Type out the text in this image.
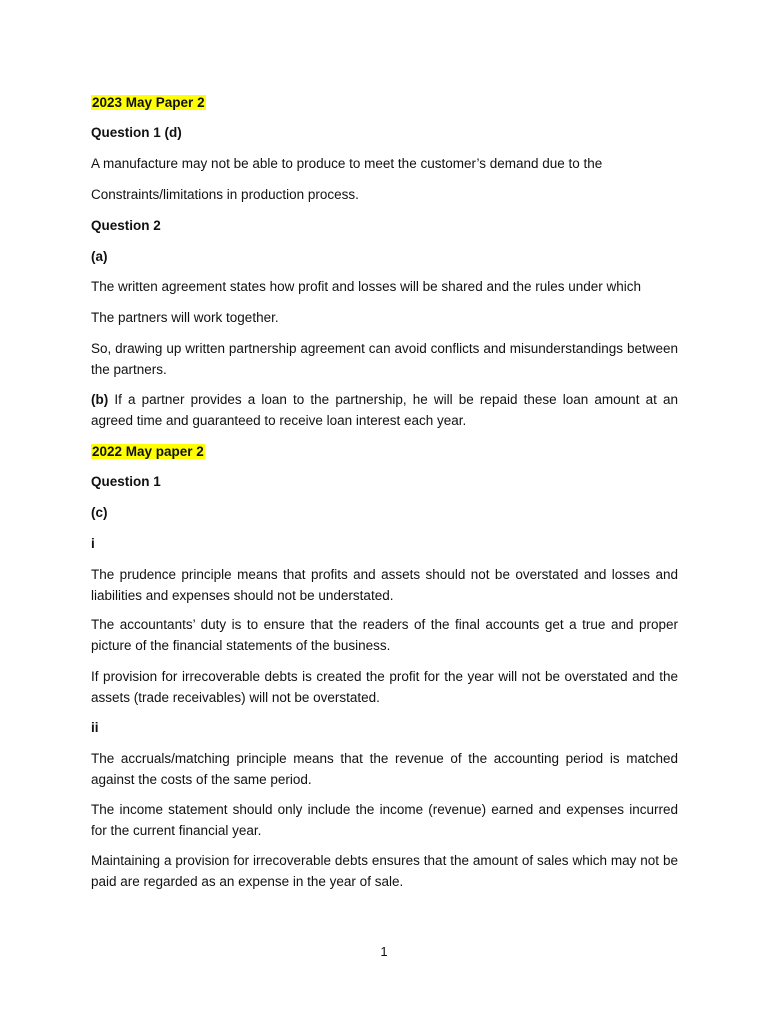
2023 May Paper 2

Question 1 (d)

A manufacture may not be able to produce to meet the customer’s demand due to the

Constraints/limitations in production process.

Question 2

(a)

The written agreement states how profit and losses will be shared and the rules under which

The partners will work together.

So, drawing up written partnership agreement can avoid conflicts and misunderstandings between the partners.

(b) If a partner provides a loan to the partnership, he will be repaid these loan amount at an agreed time and guaranteed to receive loan interest each year.

2022 May paper 2

Question 1

(c)

i

The prudence principle means that profits and assets should not be overstated and losses and liabilities and expenses should not be understated.

The accountants’ duty is to ensure that the readers of the final accounts get a true and proper picture of the financial statements of the business.

If provision for irrecoverable debts is created the profit for the year will not be overstated and the assets (trade receivables) will not be overstated.

ii

The accruals/matching principle means that the revenue of the accounting period is matched against the costs of the same period.

The income statement should only include the income (revenue) earned and expenses incurred for the current financial year.

Maintaining a provision for irrecoverable debts ensures that the amount of sales which may not be paid are regarded as an expense in the year of sale.

1
